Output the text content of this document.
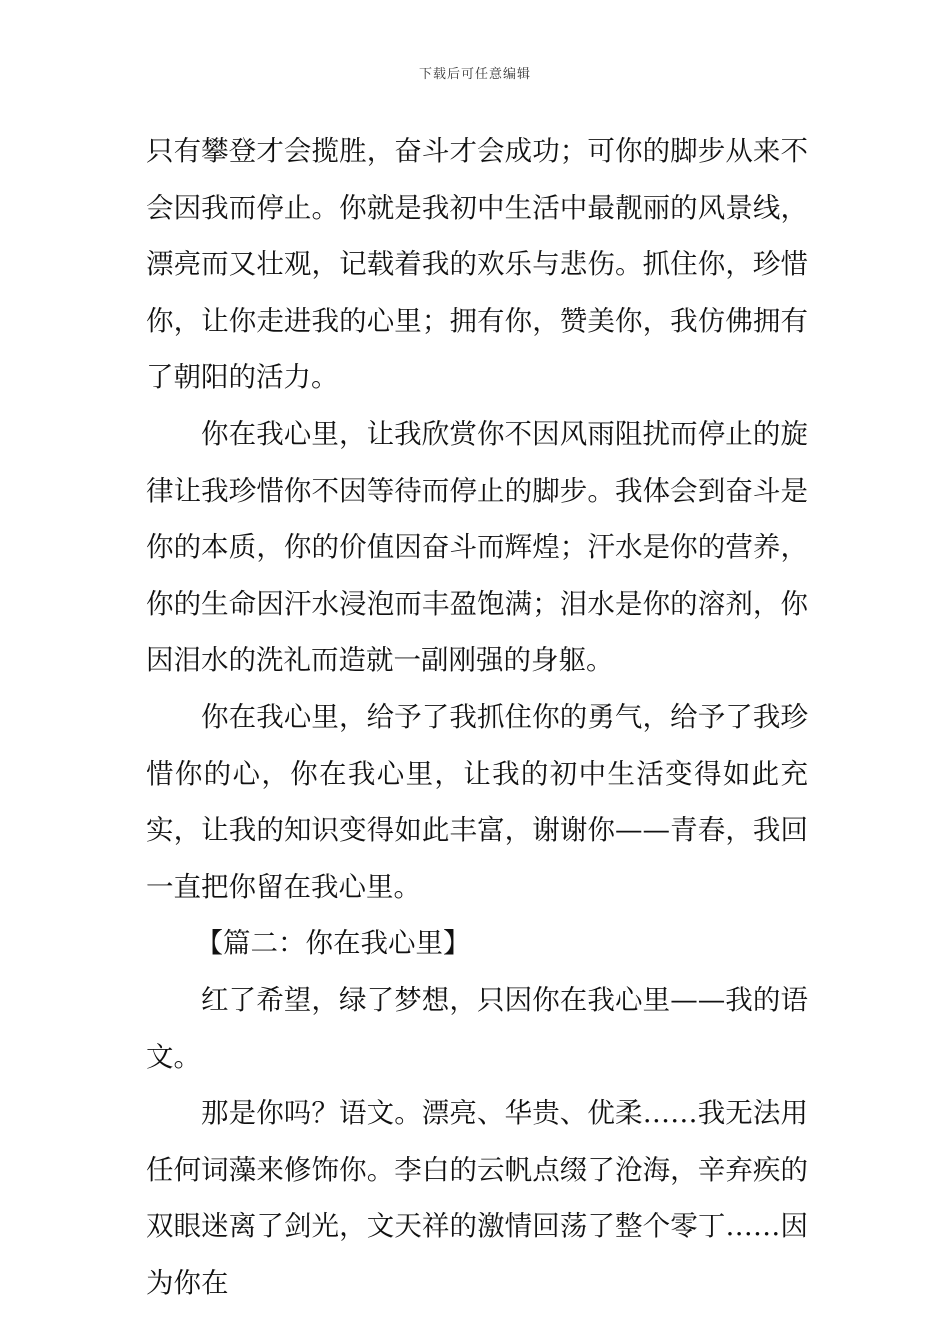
下载后可任意编辑

只有攀登才会揽胜，奋斗才会成功；可你的脚步从来不会因我而停止。你就是我初中生活中最靓丽的风景线，漂亮而又壮观，记载着我的欢乐与悲伤。抓住你，珍惜你，让你走进我的心里；拥有你，赞美你，我仿佛拥有了朝阳的活力。

你在我心里，让我欣赏你不因风雨阻扰而停止的旋律让我珍惜你不因等待而停止的脚步。我体会到奋斗是你的本质，你的价值因奋斗而辉煌；汗水是你的营养，你的生命因汗水浸泡而丰盈饱满；泪水是你的溶剂，你因泪水的洗礼而造就一副刚强的身躯。

你在我心里，给予了我抓住你的勇气，给予了我珍惜你的心，你在我心里，让我的初中生活变得如此充实，让我的知识变得如此丰富，谢谢你——青春，我回一直把你留在我心里。

【篇二：你在我心里】

红了希望，绿了梦想，只因你在我心里——我的语文。

那是你吗？语文。漂亮、华贵、优柔……我无法用任何词藻来修饰你。李白的云帆点缀了沧海，辛弃疾的双眼迷离了剑光，文天祥的激情回荡了整个零丁……因为你在
